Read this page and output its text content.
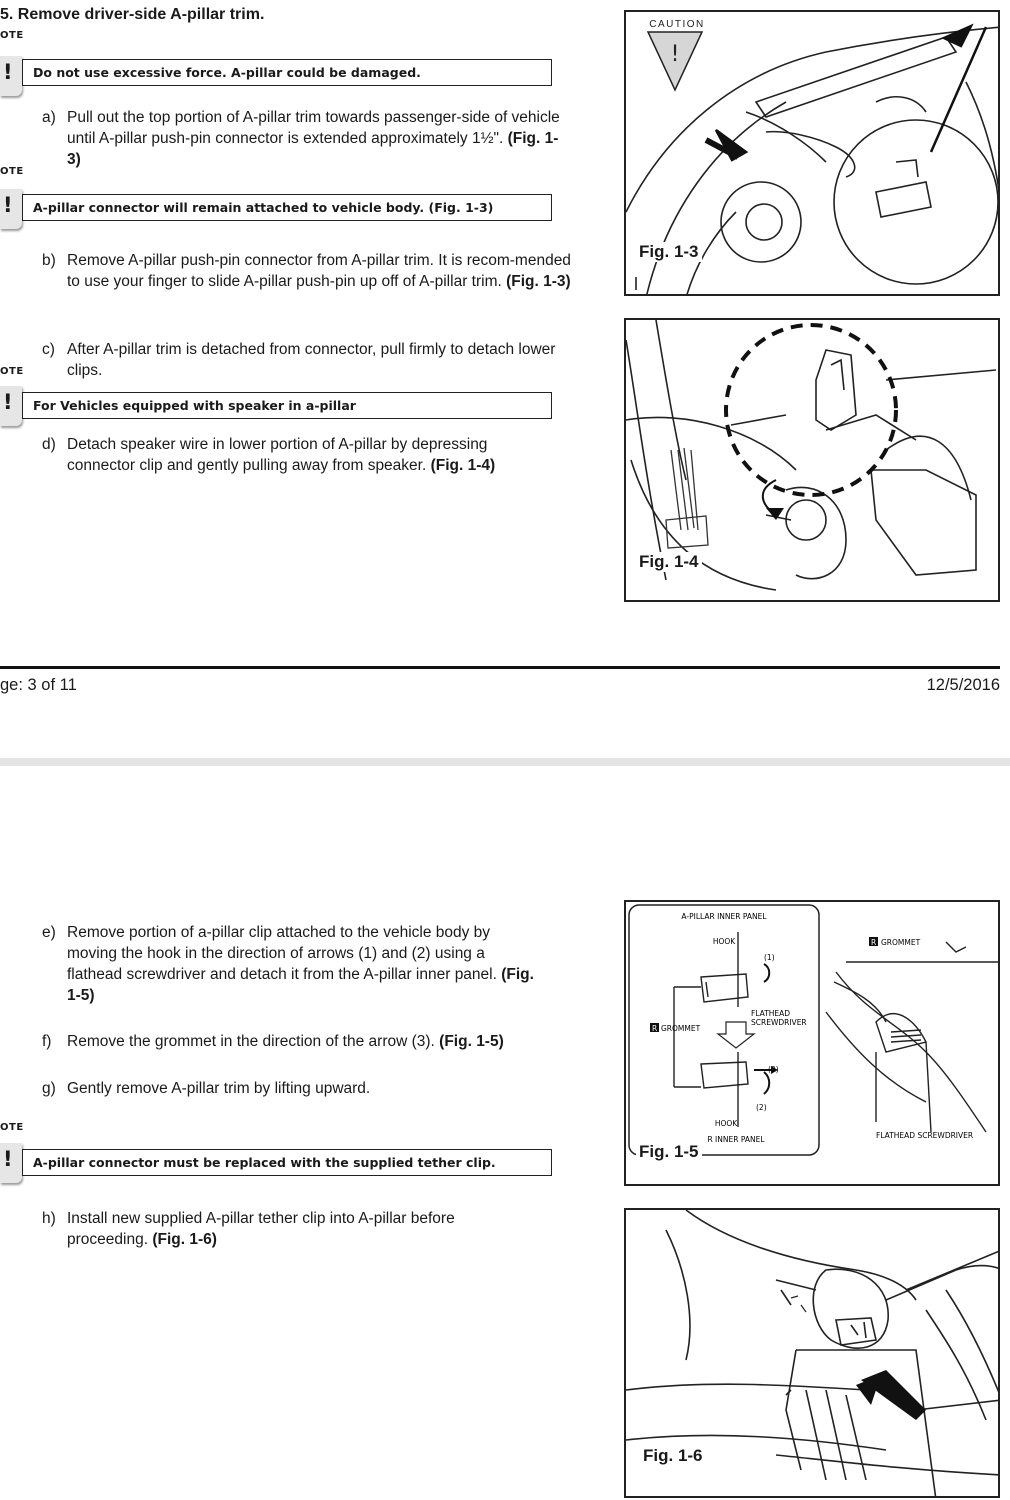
5. Remove driver-side A-pillar trim.
OTE
! Do not use excessive force. A-pillar could be damaged.
a) Pull out the top portion of A-pillar trim towards passenger-side of vehicle until A-pillar push-pin connector is extended approximately 1½". (Fig. 1-3)
OTE
! A-pillar connector will remain attached to vehicle body. (Fig. 1-3)
b) Remove A-pillar push-pin connector from A-pillar trim. It is recom-mended to use your finger to slide A-pillar push-pin up off of A-pillar trim. (Fig. 1-3)
c) After A-pillar trim is detached from connector, pull firmly to detach lower clips.
OTE
! For Vehicles equipped with speaker in a-pillar
d) Detach speaker wire in lower portion of A-pillar by depressing connector clip and gently pulling away from speaker. (Fig. 1-4)
!
CAUTION
Fig. 1-3
Fig. 1-4
ge: 3 of 11	12/5/2016
e) Remove portion of a-pillar clip attached to the vehicle body by moving the hook in the direction of arrows (1) and (2) using a flathead screwdriver and detach it from the A-pillar inner panel. (Fig. 1-5)
f) Remove the grommet in the direction of the arrow (3). (Fig. 1-5)
g) Gently remove A-pillar trim by lifting upward.
OTE
! A-pillar connector must be replaced with the supplied tether clip.
h) Install new supplied A-pillar tether clip into A-pillar before proceeding. (Fig. 1-6)
A-PILLAR INNER PANEL
HOOK
(1)
FLATHEAD
SCREWDRIVER
R GROMMET
(3)
(2)
HOOK
R INNER PANEL
R GROMMET
FLATHEAD SCREWDRIVER
Fig. 1-5
Fig. 1-6
